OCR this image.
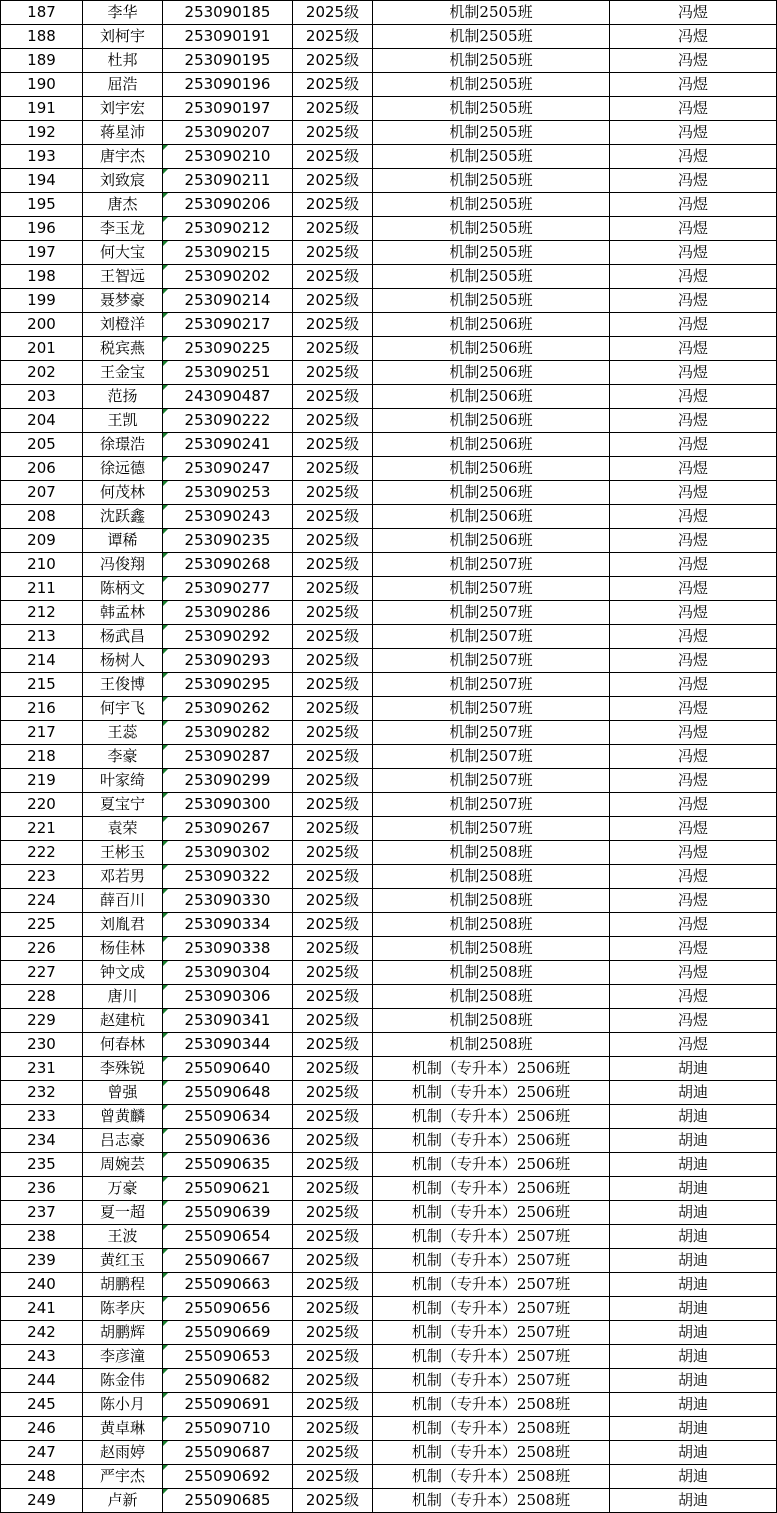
187	李华	253090185	2025级	机制2505班	冯煜
188	刘柯宇	253090191	2025级	机制2505班	冯煜
189	杜邦	253090195	2025级	机制2505班	冯煜
190	屈浩	253090196	2025级	机制2505班	冯煜
191	刘宇宏	253090197	2025级	机制2505班	冯煜
192	蒋星沛	253090207	2025级	机制2505班	冯煜
193	唐宇杰	253090210	2025级	机制2505班	冯煜
194	刘致宸	253090211	2025级	机制2505班	冯煜
195	唐杰	253090206	2025级	机制2505班	冯煜
196	李玉龙	253090212	2025级	机制2505班	冯煜
197	何大宝	253090215	2025级	机制2505班	冯煜
198	王智远	253090202	2025级	机制2505班	冯煜
199	聂梦豪	253090214	2025级	机制2505班	冯煜
200	刘橙洋	253090217	2025级	机制2506班	冯煜
201	税宾燕	253090225	2025级	机制2506班	冯煜
202	王金宝	253090251	2025级	机制2506班	冯煜
203	范扬	243090487	2025级	机制2506班	冯煜
204	王凯	253090222	2025级	机制2506班	冯煜
205	徐璟浩	253090241	2025级	机制2506班	冯煜
206	徐远德	253090247	2025级	机制2506班	冯煜
207	何茂林	253090253	2025级	机制2506班	冯煜
208	沈跃鑫	253090243	2025级	机制2506班	冯煜
209	谭稀	253090235	2025级	机制2506班	冯煜
210	冯俊翔	253090268	2025级	机制2507班	冯煜
211	陈柄文	253090277	2025级	机制2507班	冯煜
212	韩孟林	253090286	2025级	机制2507班	冯煜
213	杨武昌	253090292	2025级	机制2507班	冯煜
214	杨树人	253090293	2025级	机制2507班	冯煜
215	王俊博	253090295	2025级	机制2507班	冯煜
216	何宇飞	253090262	2025级	机制2507班	冯煜
217	王蕊	253090282	2025级	机制2507班	冯煜
218	李豪	253090287	2025级	机制2507班	冯煜
219	叶家绮	253090299	2025级	机制2507班	冯煜
220	夏宝宁	253090300	2025级	机制2507班	冯煜
221	袁荣	253090267	2025级	机制2507班	冯煜
222	王彬玉	253090302	2025级	机制2508班	冯煜
223	邓若男	253090322	2025级	机制2508班	冯煜
224	薛百川	253090330	2025级	机制2508班	冯煜
225	刘胤君	253090334	2025级	机制2508班	冯煜
226	杨佳林	253090338	2025级	机制2508班	冯煜
227	钟文成	253090304	2025级	机制2508班	冯煜
228	唐川	253090306	2025级	机制2508班	冯煜
229	赵建杭	253090341	2025级	机制2508班	冯煜
230	何春林	253090344	2025级	机制2508班	冯煜
231	李殊锐	255090640	2025级	机制（专升本）2506班	胡迪
232	曾强	255090648	2025级	机制（专升本）2506班	胡迪
233	曾黄麟	255090634	2025级	机制（专升本）2506班	胡迪
234	吕志豪	255090636	2025级	机制（专升本）2506班	胡迪
235	周婉芸	255090635	2025级	机制（专升本）2506班	胡迪
236	万豪	255090621	2025级	机制（专升本）2506班	胡迪
237	夏一超	255090639	2025级	机制（专升本）2506班	胡迪
238	王波	255090654	2025级	机制（专升本）2507班	胡迪
239	黄红玉	255090667	2025级	机制（专升本）2507班	胡迪
240	胡鹏程	255090663	2025级	机制（专升本）2507班	胡迪
241	陈孝庆	255090656	2025级	机制（专升本）2507班	胡迪
242	胡鹏辉	255090669	2025级	机制（专升本）2507班	胡迪
243	李彦潼	255090653	2025级	机制（专升本）2507班	胡迪
244	陈金伟	255090682	2025级	机制（专升本）2507班	胡迪
245	陈小月	255090691	2025级	机制（专升本）2508班	胡迪
246	黄卓琳	255090710	2025级	机制（专升本）2508班	胡迪
247	赵雨婷	255090687	2025级	机制（专升本）2508班	胡迪
248	严宇杰	255090692	2025级	机制（专升本）2508班	胡迪
249	卢新	255090685	2025级	机制（专升本）2508班	胡迪
